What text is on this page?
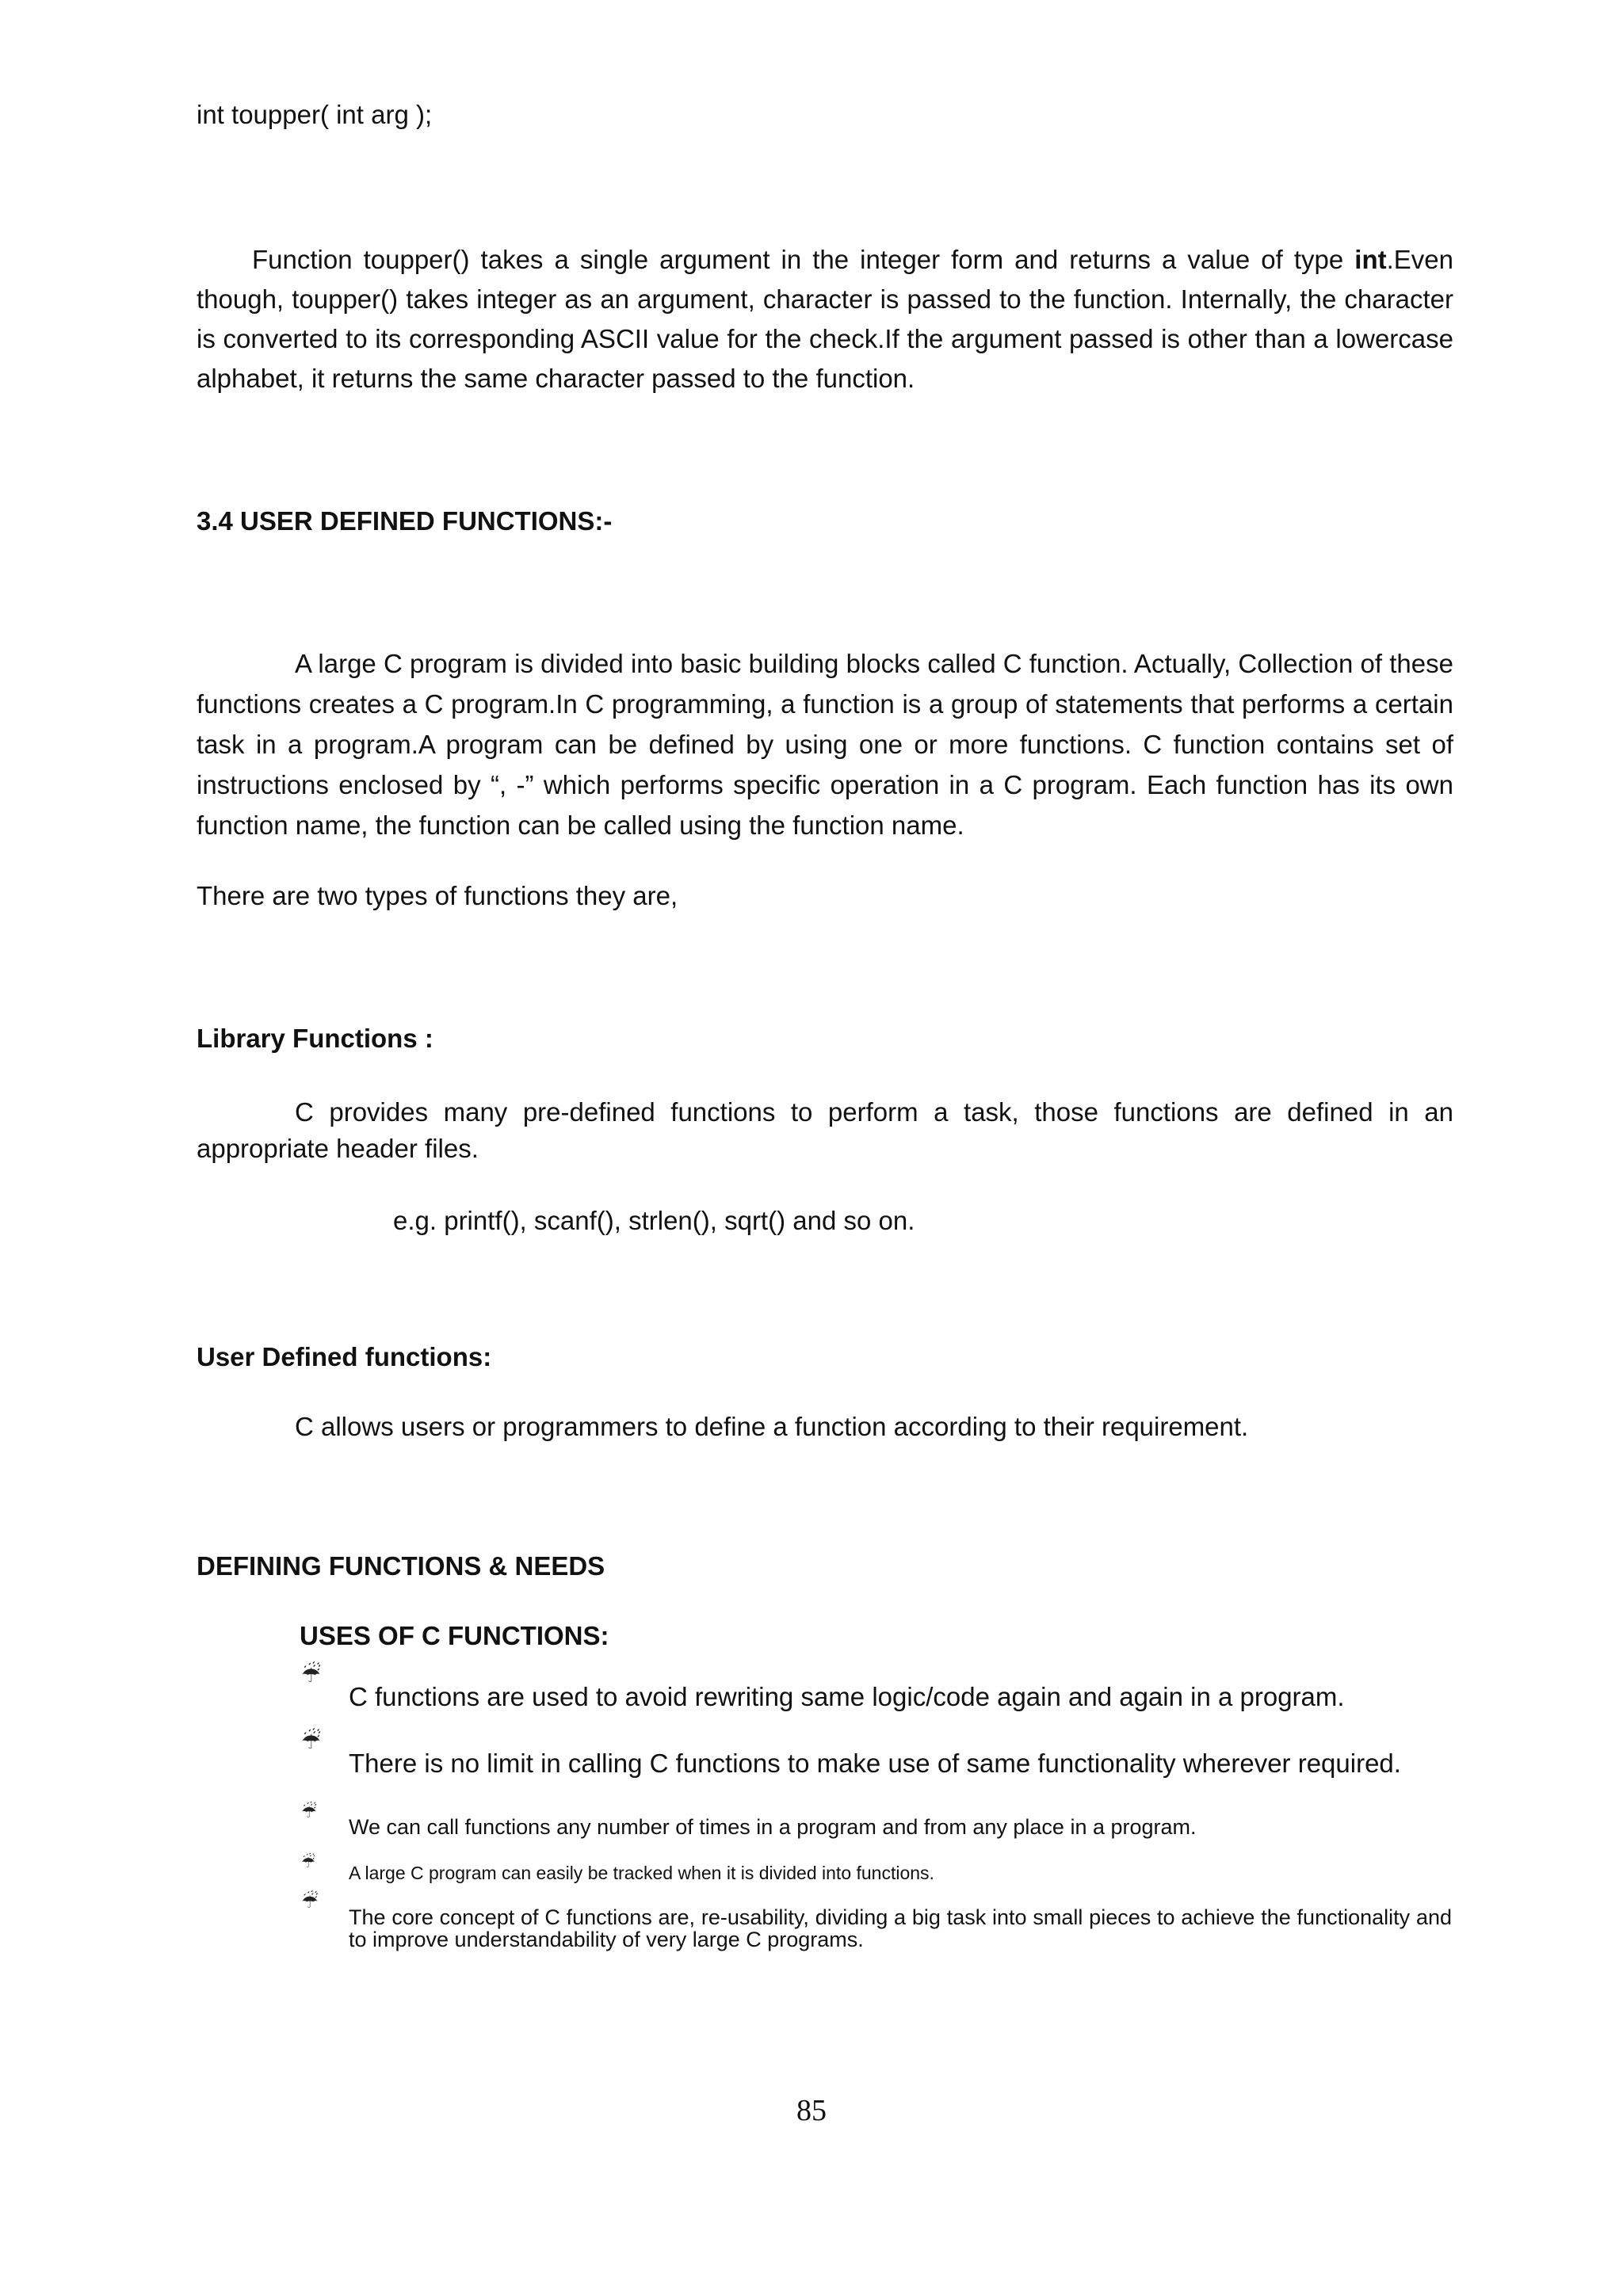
int toupper( int arg );

Function toupper() takes a single argument in the integer form and returns a value of type int.Even though, toupper() takes integer as an argument, character is passed to the function. Internally, the character is converted to its corresponding ASCII value for the check.If the argument passed is other than a lowercase alphabet, it returns the same character passed to the function.

3.4 USER DEFINED FUNCTIONS:-

A large C program is divided into basic building blocks called C function. Actually, Collection of these functions creates a C program.In C programming, a function is a group of statements that performs a certain task in a program.A program can be defined by using one or more functions. C function contains set of instructions enclosed by “, -” which performs specific operation in a C program. Each function has its own function name, the function can be called using the function name.

There are two types of functions they are,

Library Functions :

C provides many pre-defined functions to perform a task, those functions are defined in an appropriate header files.

e.g. printf(), scanf(), strlen(), sqrt() and so on.

User Defined functions:

C allows users or programmers to define a function according to their requirement.

DEFINING FUNCTIONS & NEEDS

USES OF C FUNCTIONS:

☔
C functions are used to avoid rewriting same logic/code again and again in a program.
☔
There is no limit in calling C functions to make use of same functionality wherever required.
☔
We can call functions any number of times in a program and from any place in a program.
☔
A large C program can easily be tracked when it is divided into functions.
☔
The core concept of C functions are, re-usability, dividing a big task into small pieces to achieve the functionality and to improve understandability of very large C programs.
85
